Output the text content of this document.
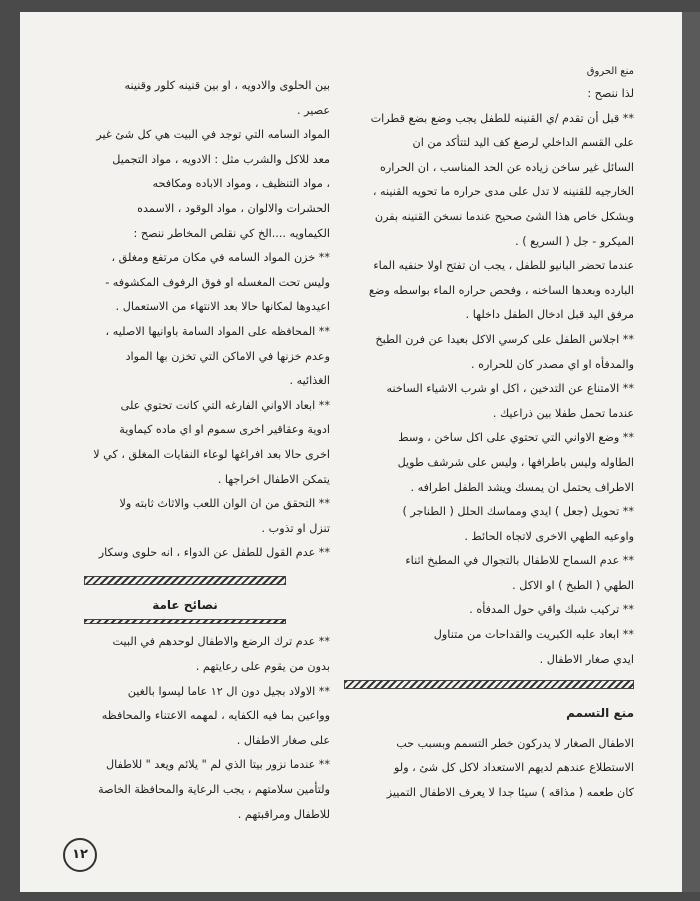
منع الحروق

لذا ننصح :

** قبل أن تقدم /ي القنينه للطفل يجب وضع بضع قطرات

على القسم الداخلي لرصغ كف اليد لتتأكد من ان

السائل غير ساخن زياده عن الحد المناسب ، ان الحراره

الخارجيه للقنينه لا تدل على مدى حراره ما تحويه القنينه ،

وبشكل خاص هذا الشئ صحيح عندما نسخن القنينه بفرن

الميكرو - جل ( السريع ) .

عندما تحضر البانيو للطفل ، يجب ان تفتح اولا حنفيه الماء

البارده وبعدها الساخنه ، وفحص حراره الماء بواسطه وضع

مرفق اليد قبل ادخال الطفل داخلها .

** اجلاس الطفل على كرسي الاكل بعيدا عن فرن الطبخ

والمدفأه او اي مصدر كان للحراره .

** الامتناع عن التدخين ، اكل او شرب الاشياء الساخنه

عندما تحمل طفلا بين ذراعيك .

** وضع الاواني التي تحتوي على اكل ساخن ، وسط

الطاوله وليس باطرافها ، وليس على شرشف طويل

الاطراف يحتمل ان يمسك ويشد الطفل اطرافه .

** تحويل (جعل ) ايدي ومماسك الحلل ( الطناجر )

واوعيه الطهي الاخرى لاتجاه الحائط .

** عدم السماح للاطفال بالتجوال في المطبخ اثناء

الطهي ( الطبخ ) او الاكل .

** تركيب شبك واقي حول المدفأه .

** ابعاد علبه الكبريت والقداحات من متناول

ايدي صغار الاطفال .

منع التسمم

الاطفال الصغار لا يدركون خطر التسمم وبسبب حب

الاستطلاع عندهم لديهم الاستعداد لاكل كل شئ ، ولو

كان طعمه ( مذاقه ) سيئا جدا لا يعرف الاطفال التمييز

بين الحلوى والادويه ، او بين قنينه كلور وقنينه

عصير .

المواد السامه التي توجد في البيت هي كل شئ غير

معد للاكل والشرب مثل : الادويه ، مواد التجميل

، مواد التنظيف ، ومواد الاباده ومكافحه

الحشرات والالوان ، مواد الوقود ، الاسمده

الكيماويه ....الخ كي نقلص المخاطر ننصح :

** خزن المواد السامه في مكان مرتفع ومغلق ،

وليس تحت المغسله او فوق الرفوف المكشوفه -

اعيدوها لمكانها حالا بعد الانتهاء من الاستعمال .

** المحافظه على المواد السامة باوانيها الاصليه ،

وعدم خزنها في الاماكن التي تخزن بها المواد

الغذائيه .

** ابعاد الاواني الفارغه التي كانت تحتوي على

ادوية وعقاقير اخرى سموم او اي ماده كيماوية

اخرى حالا بعد افراغها لوعاء النفايات المغلق ، كي لا

يتمكن الاطفال اخراجها .

** التحقق من ان الوان اللعب والاثاث ثابته ولا

تنزل او تذوب .

** عدم القول للطفل عن الدواء ، انه حلوى وسكار

نصائح عامة

** عدم ترك الرضع والاطفال لوحدهم في البيت

بدون من يقوم على رعايتهم .

** الاولاد بجيل دون ال ١٢ عاما ليسوا بالغين

وواعين بما فيه الكفايه ، لمهمه الاعتناء والمحافظه

على صغار الاطفال .

** عندما نزور بيتا الذي لم " يلائم ويعد " للاطفال

ولتأمين سلامتهم ، يجب الرعاية والمحافظة الخاصة

للاطفال ومراقبتهم .

١٢
